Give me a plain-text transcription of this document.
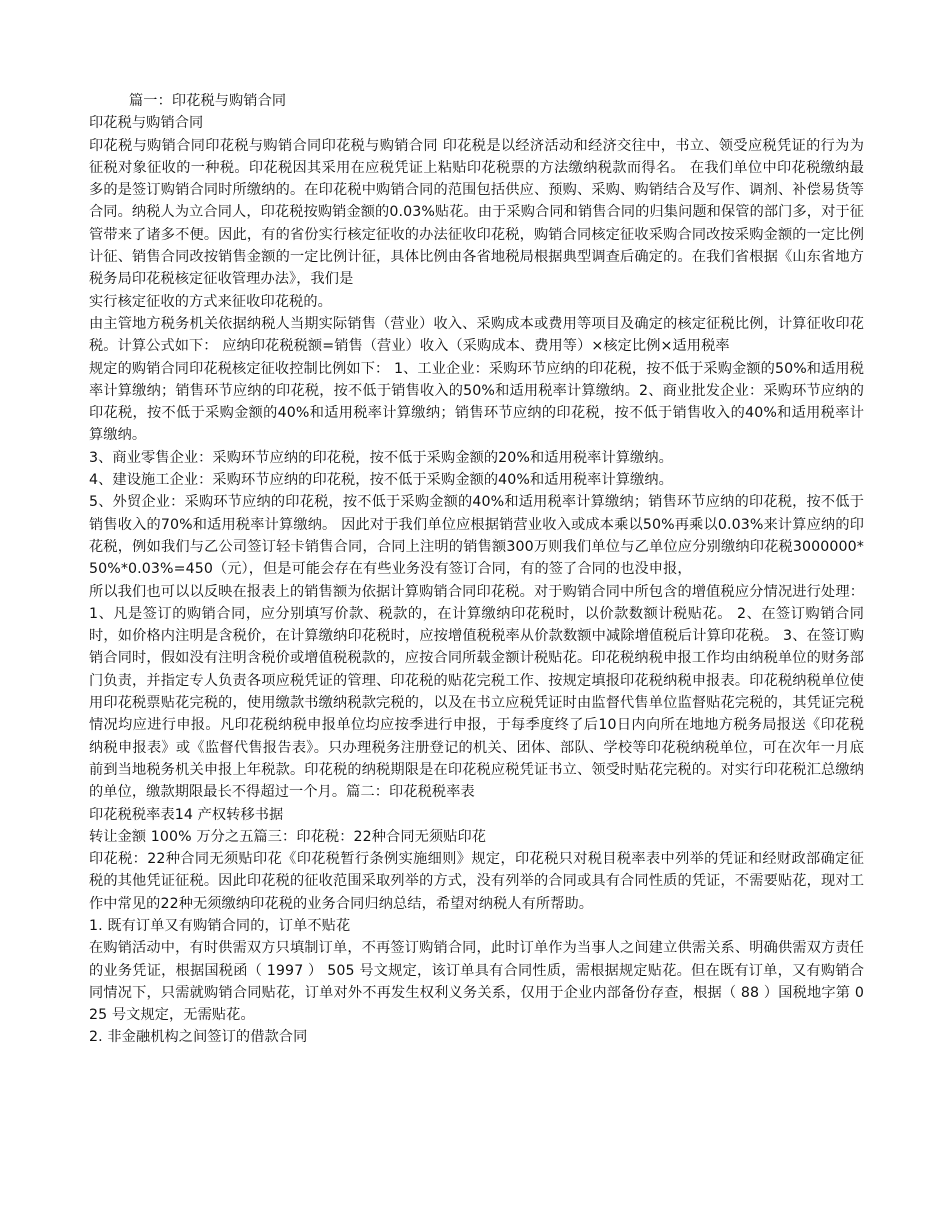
篇一：印花税与购销合同

印花税与购销合同

印花税与购销合同印花税与购销合同印花税与购销合同 印花税是以经济活动和经济交往中，书立、领受应税凭证的行为为征税对象征收的一种税。印花税因其采用在应税凭证上粘贴印花税票的方法缴纳税款而得名。 在我们单位中印花税缴纳最多的是签订购销合同时所缴纳的。在印花税中购销合同的范围包括供应、预购、采购、购销结合及写作、调剂、补偿易货等合同。纳税人为立合同人，印花税按购销金额的0.03%贴花。由于采购合同和销售合同的归集问题和保管的部门多，对于征管带来了诸多不便。因此，有的省份实行核定征收的办法征收印花税，购销合同核定征收采购合同改按采购金额的一定比例计征、销售合同改按销售金额的一定比例计征，具体比例由各省地税局根据典型调查后确定的。在我们省根据《山东省地方税务局印花税核定征收管理办法》，我们是

实行核定征收的方式来征收印花税的。

由主管地方税务机关依据纳税人当期实际销售（营业）收入、采购成本或费用等项目及确定的核定征税比例，计算征收印花税。计算公式如下： 应纳印花税税额=销售（营业）收入（采购成本、费用等）×核定比例×适用税率

规定的购销合同印花税核定征收控制比例如下： 1、工业企业：采购环节应纳的印花税，按不低于采购金额的50%和适用税率计算缴纳；销售环节应纳的印花税，按不低于销售收入的50%和适用税率计算缴纳。2、商业批发企业：采购环节应纳的印花税，按不低于采购金额的40%和适用税率计算缴纳；销售环节应纳的印花税，按不低于销售收入的40%和适用税率计算缴纳。

3、商业零售企业：采购环节应纳的印花税，按不低于采购金额的20%和适用税率计算缴纳。

4、建设施工企业：采购环节应纳的印花税，按不低于采购金额的40%和适用税率计算缴纳。

5、外贸企业：采购环节应纳的印花税，按不低于采购金额的40%和适用税率计算缴纳；销售环节应纳的印花税，按不低于销售收入的70%和适用税率计算缴纳。 因此对于我们单位应根据销营业收入或成本乘以50%再乘以0.03%来计算应纳的印花税，例如我们与乙公司签订轻卡销售合同，合同上注明的销售额300万则我们单位与乙单位应分别缴纳印花税3000000*50%*0.03%=450（元），但是可能会存在有些业务没有签订合同，有的签了合同的也没申报，

所以我们也可以以反映在报表上的销售额为依据计算购销合同印花税。对于购销合同中所包含的增值税应分情况进行处理： 1、凡是签订的购销合同，应分别填写价款、税款的，在计算缴纳印花税时，以价款数额计税贴花。 2、在签订购销合同时，如价格内注明是含税价，在计算缴纳印花税时，应按增值税税率从价款数额中减除增值税后计算印花税。 3、在签订购销合同时，假如没有注明含税价或增值税税款的，应按合同所载金额计税贴花。印花税纳税申报工作均由纳税单位的财务部门负责，并指定专人负责各项应税凭证的管理、印花税的贴花完税工作、按规定填报印花税纳税申报表。印花税纳税单位使用印花税票贴花完税的，使用缴款书缴纳税款完税的，以及在书立应税凭证时由监督代售单位监督贴花完税的，其凭证完税情况均应进行申报。凡印花税纳税申报单位均应按季进行申报，于每季度终了后10日内向所在地地方税务局报送《印花税纳税申报表》或《监督代售报告表》。只办理税务注册登记的机关、团体、部队、学校等印花税纳税单位，可在次年一月底前到当地税务机关申报上年税款。印花税的纳税期限是在印花税应税凭证书立、领受时贴花完税的。对实行印花税汇总缴纳的单位，缴款期限最长不得超过一个月。篇二：印花税税率表

印花税税率表14 产权转移书据

转让金额 100% 万分之五篇三：印花税：22种合同无须贴印花

印花税：22种合同无须贴印花《印花税暂行条例实施细则》规定，印花税只对税目税率表中列举的凭证和经财政部确定征税的其他凭证征税。因此印花税的征收范围采取列举的方式，没有列举的合同或具有合同性质的凭证，不需要贴花，现对工作中常见的22种无须缴纳印花税的业务合同归纳总结，希望对纳税人有所帮助。

1. 既有订单又有购销合同的，订单不贴花

在购销活动中，有时供需双方只填制订单，不再签订购销合同，此时订单作为当事人之间建立供需关系、明确供需双方责任的业务凭证，根据国税函（ 1997 ） 505 号文规定，该订单具有合同性质，需根据规定贴花。但在既有订单，又有购销合同情况下，只需就购销合同贴花，订单对外不再发生权利义务关系，仅用于企业内部备份存查，根据（ 88 ）国税地字第 025 号文规定，无需贴花。

2. 非金融机构之间签订的借款合同
